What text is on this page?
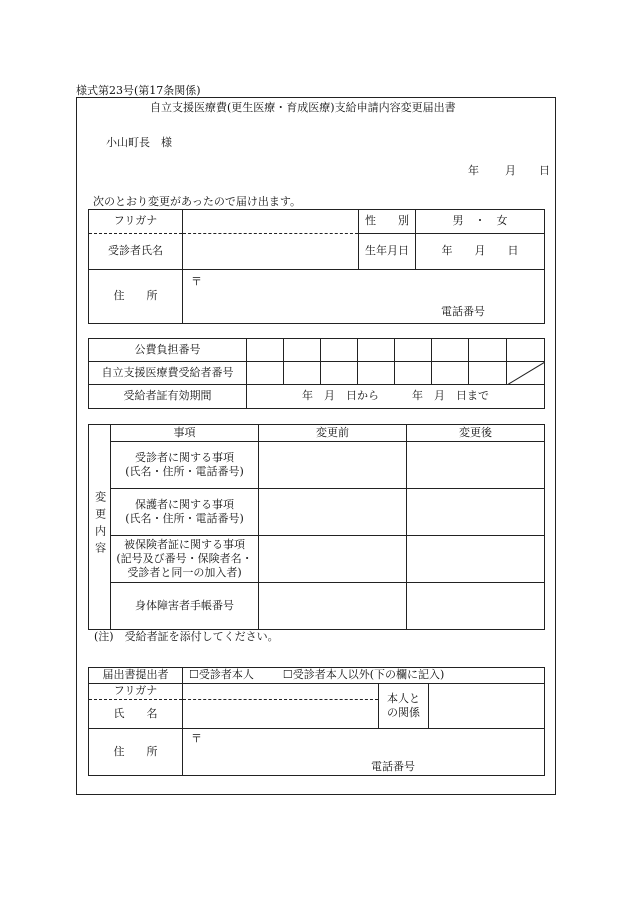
様式第23号(第17条関係)
自立支援医療費(更生医療・育成医療)支給申請内容変更届出書
小山町長　様
年 月 日
次のとおり変更があったので届け出ます。
フリガナ		性　　別	男　・　女
受診者氏名		生年月日	年　　月　　日
住　　所	〒
電話番号		
公費負担番号								
自立支援医療費受給者番号								

受給者証有効期間	年　月　日から　　　年　月　日まで							
変更内容	事項	変更前	変更後

	受診者に関する事項
(氏名・住所・電話番号)		

	保護者に関する事項
(氏名・住所・電話番号)		

	被保険者証に関する事項
(記号及び番号・保険者名・
受診者と同一の加入者)		

	身体障害者手帳番号		

(注)　受給者証を添付してください。
届出書提出者	☐受診者本人 ☐受診者本人以外(下の欄に記入)		
フリガナ		本人と
の関係	

氏　　名			
住　　所	〒
電話番号		
